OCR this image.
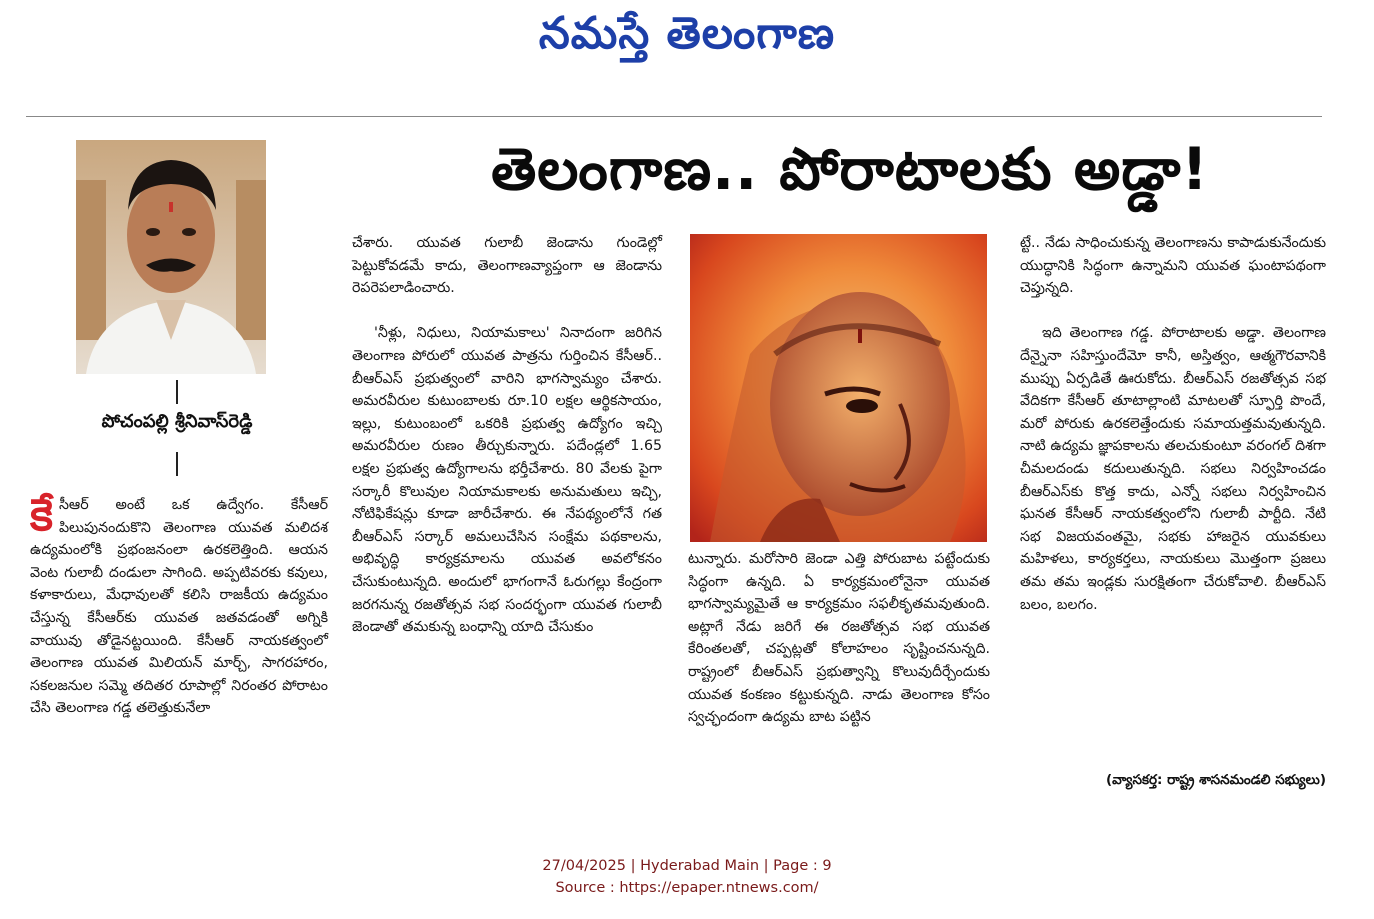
నమస్తే తెలంగాణ
తెలంగాణ.. పోరాటాలకు అడ్డా!
పోచంపల్లి శ్రీనివాస్‌రెడ్డి

కే సీఆర్ అంటే ఒక ఉద్వేగం. కేసీఆర్ పిలుపునందుకొని తెలంగాణ యువత మలిదశ ఉద్యమంలోకి ప్రభంజనంలా ఉరకలెత్తింది. ఆయన వెంట గులాబీ దండులా సాగింది. అప్పటివరకు కవులు, కళాకారులు, మేధావులతో కలిసి రాజకీయ ఉద్యమం చేస్తున్న కేసీఆర్‌కు యువత జతవడంతో అగ్నికి వాయువు తోడైనట్టయింది. కేసీఆర్ నాయకత్వంలో తెలంగాణ యువత మిలియన్ మార్చ్, సాగరహారం, సకలజనుల సమ్మె తదితర రూపాల్లో నిరంతర పోరాటం చేసి తెలంగాణ గడ్డ తలెత్తుకునేలా

చేశారు. యువత గులాబీ జెండాను గుండెల్లో పెట్టుకోవడమే కాదు, తెలంగాణవ్యాప్తంగా ఆ జెండాను రెపరెపలాడించారు.

'నీళ్లు, నిధులు, నియామకాలు' నినాదంగా జరిగిన తెలంగాణ పోరులో యువత పాత్రను గుర్తించిన కేసీఆర్.. బీఆర్ఎస్ ప్రభుత్వంలో వారిని భాగస్వామ్యం చేశారు. అమరవీరుల కుటుంబాలకు రూ.10 లక్షల ఆర్థికసాయం, ఇల్లు, కుటుంబంలో ఒకరికి ప్రభుత్వ ఉద్యోగం ఇచ్చి అమరవీరుల రుణం తీర్చుకున్నారు. పదేండ్లలో 1.65 లక్షల ప్రభుత్వ ఉద్యోగాలను భర్తీచేశారు. 80 వేలకు పైగా సర్కారీ కొలువుల నియామకాలకు అనుమతులు ఇచ్చి, నోటిఫికేషన్లు కూడా జారీచేశారు. ఈ నేపథ్యంలోనే గత బీఆర్ఎస్ సర్కార్ అమలుచేసిన సంక్షేమ పథకాలను, అభివృద్ధి కార్యక్రమాలను యువత అవలోకనం చేసుకుంటున్నది. అందులో భాగంగానే ఓరుగల్లు కేంద్రంగా జరగనున్న రజతోత్సవ సభ సందర్భంగా యువత గులాబీ జెండాతో తమకున్న బంధాన్ని యాది చేసుకుం

టున్నారు. మరోసారి జెండా ఎత్తి పోరుబాట పట్టేందుకు సిద్ధంగా ఉన్నది. ఏ కార్యక్రమంలోనైనా యువత భాగస్వామ్యమైతే ఆ కార్యక్రమం సఫలీకృతమవుతుంది. అట్లాగే నేడు జరిగే ఈ రజతోత్సవ సభ యువత కేరింతలతో, చప్పట్లతో కోలాహలం సృష్టించనున్నది. రాష్ట్రంలో బీఆర్ఎస్ ప్రభుత్వాన్ని కొలువుదీర్చేందుకు యువత కంకణం కట్టుకున్నది. నాడు తెలంగాణ కోసం స్వచ్ఛందంగా ఉద్యమ బాట పట్టిన

ట్టే.. నేడు సాధించుకున్న తెలంగాణను కాపాడుకునేందుకు యుద్ధానికి సిద్ధంగా ఉన్నామని యువత ఘంటాపథంగా చెప్తున్నది.

ఇది తెలంగాణ గడ్డ. పోరాటాలకు అడ్డా. తెలంగాణ దేన్నైనా సహిస్తుందేమో కానీ, అస్తిత్వం, ఆత్మగౌరవానికి ముప్పు ఏర్పడితే ఊరుకోదు. బీఆర్ఎస్ రజతోత్సవ సభ వేదికగా కేసీఆర్ తూటాల్లాంటి మాటలతో స్ఫూర్తి పొందే, మరో పోరుకు ఉరకలెత్తేందుకు సమాయత్తమవుతున్నది. నాటి ఉద్యమ జ్ఞాపకాలను తలచుకుంటూ వరంగల్ దిశగా చీమలదండు కదులుతున్నది. సభలు నిర్వహించడం బీఆర్ఎస్‌కు కొత్త కాదు, ఎన్నో సభలు నిర్వహించిన ఘనత కేసీఆర్ నాయకత్వంలోని గులాబీ పార్టీది. నేటి సభ విజయవంతమై, సభకు హాజరైన యువకులు మహిళలు, కార్యకర్తలు, నాయకులు మొత్తంగా ప్రజలు తమ తమ ఇండ్లకు సురక్షితంగా చేరుకోవాలి. బీఆర్ఎస్ బలం, బలగం.

(వ్యాసకర్త: రాష్ట్ర శాసనమండలి సభ్యులు)
27/04/2025 | Hyderabad Main | Page : 9
Source : https://epaper.ntnews.com/
